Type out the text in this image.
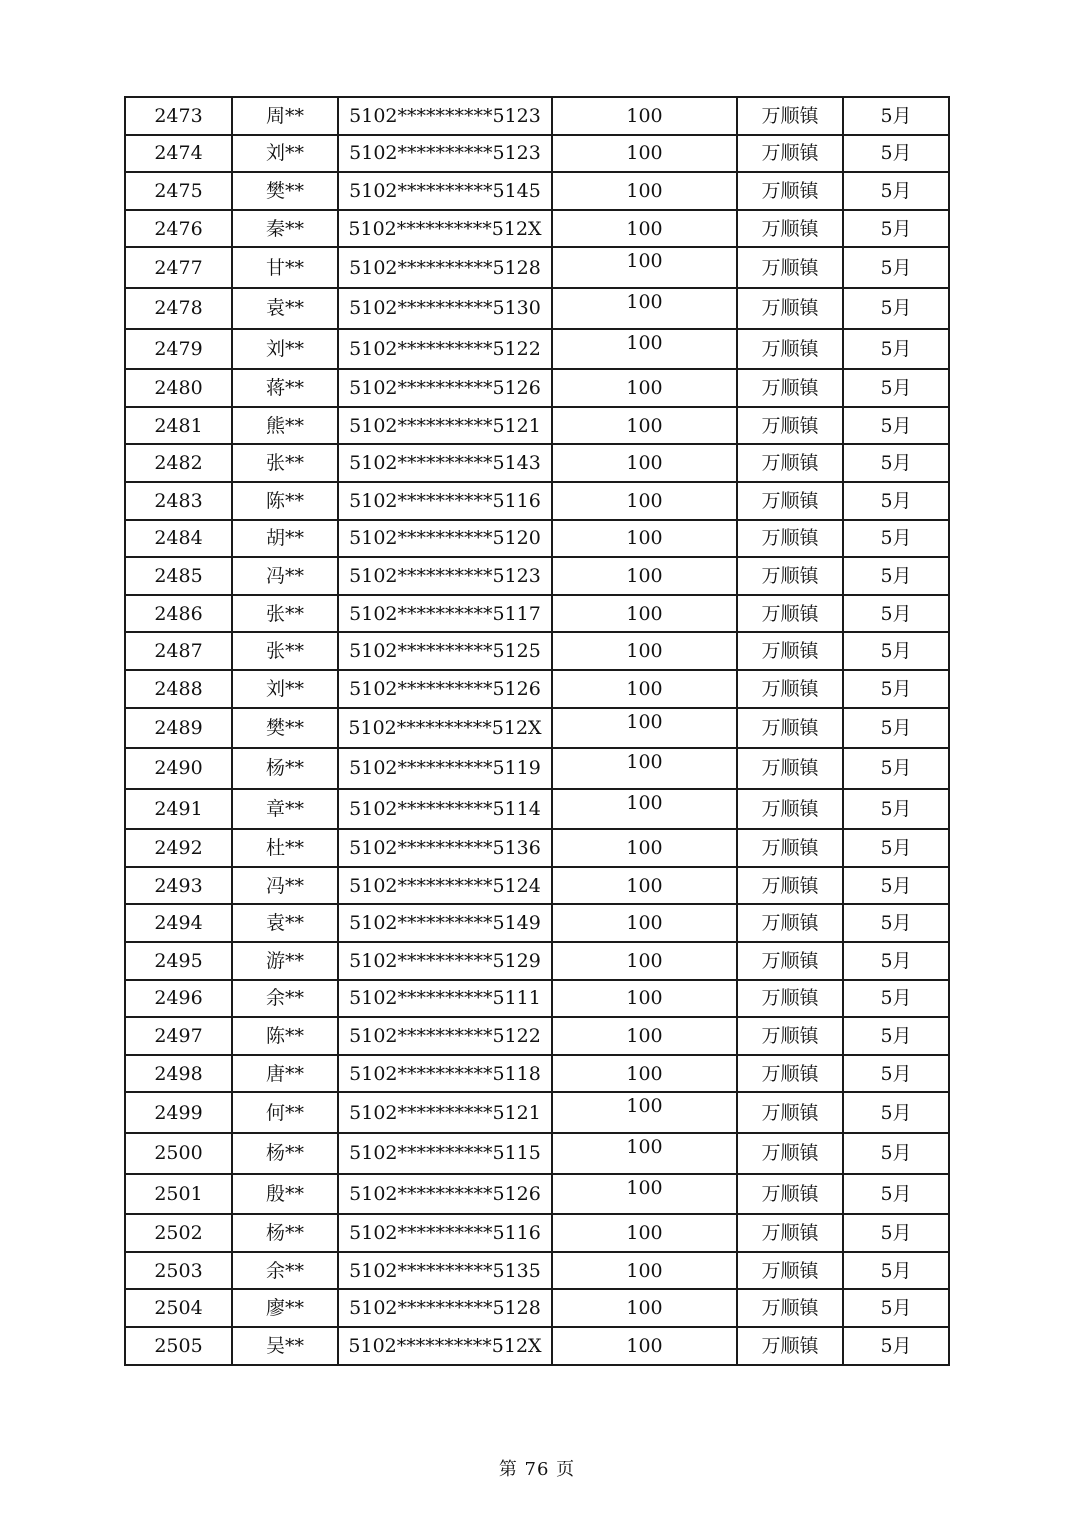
2473	周**	5102**********5123	100	万顺镇	5月
2474	刘**	5102**********5123	100	万顺镇	5月
2475	樊**	5102**********5145	100	万顺镇	5月
2476	秦**	5102**********512X	100	万顺镇	5月
2477	甘**	5102**********5128	100	万顺镇	5月
2478	袁**	5102**********5130	100	万顺镇	5月
2479	刘**	5102**********5122	100	万顺镇	5月
2480	蒋**	5102**********5126	100	万顺镇	5月
2481	熊**	5102**********5121	100	万顺镇	5月
2482	张**	5102**********5143	100	万顺镇	5月
2483	陈**	5102**********5116	100	万顺镇	5月
2484	胡**	5102**********5120	100	万顺镇	5月
2485	冯**	5102**********5123	100	万顺镇	5月
2486	张**	5102**********5117	100	万顺镇	5月
2487	张**	5102**********5125	100	万顺镇	5月
2488	刘**	5102**********5126	100	万顺镇	5月
2489	樊**	5102**********512X	100	万顺镇	5月
2490	杨**	5102**********5119	100	万顺镇	5月
2491	章**	5102**********5114	100	万顺镇	5月
2492	杜**	5102**********5136	100	万顺镇	5月
2493	冯**	5102**********5124	100	万顺镇	5月
2494	袁**	5102**********5149	100	万顺镇	5月
2495	游**	5102**********5129	100	万顺镇	5月
2496	余**	5102**********5111	100	万顺镇	5月
2497	陈**	5102**********5122	100	万顺镇	5月
2498	唐**	5102**********5118	100	万顺镇	5月
2499	何**	5102**********5121	100	万顺镇	5月
2500	杨**	5102**********5115	100	万顺镇	5月
2501	殷**	5102**********5126	100	万顺镇	5月
2502	杨**	5102**********5116	100	万顺镇	5月
2503	余**	5102**********5135	100	万顺镇	5月
2504	廖**	5102**********5128	100	万顺镇	5月
2505	吴**	5102**********512X	100	万顺镇	5月
第 76 页
